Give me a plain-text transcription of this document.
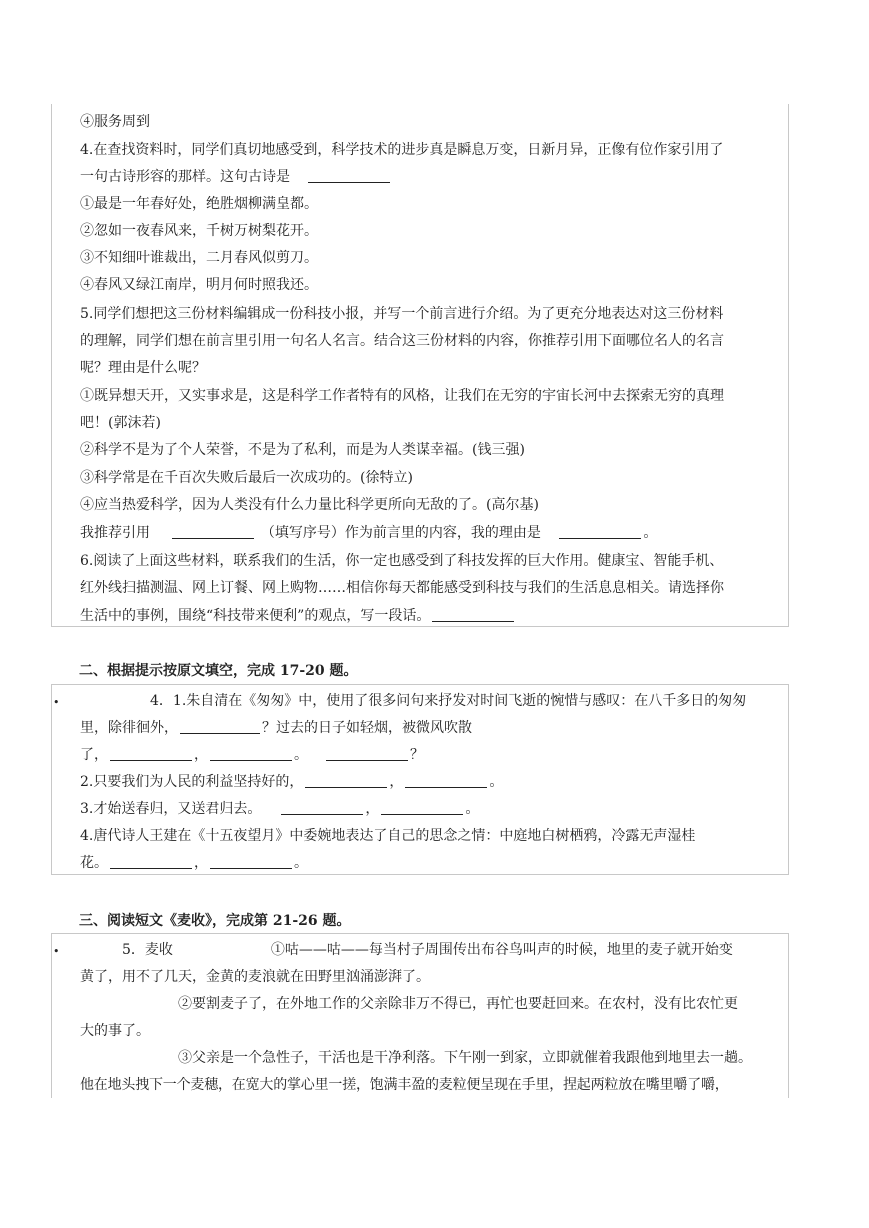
④服务周到
4.在查找资料时，同学们真切地感受到，科学技术的进步真是瞬息万变，日新月异，正像有位作家引用了
一句古诗形容的那样。这句古诗是
①最是一年春好处，绝胜烟柳满皇都。
②忽如一夜春风来，千树万树梨花开。
③不知细叶谁裁出，二月春风似剪刀。
④春风又绿江南岸，明月何时照我还。
5.同学们想把这三份材料编辑成一份科技小报，并写一个前言进行介绍。为了更充分地表达对这三份材料
的理解，同学们想在前言里引用一句名人名言。结合这三份材料的内容，你推荐引用下面哪位名人的名言
呢？理由是什么呢？
①既异想天开，又实事求是，这是科学工作者特有的风格，让我们在无穷的宇宙长河中去探索无穷的真理
吧！(郭沫若)
②科学不是为了个人荣誉，不是为了私利，而是为人类谋幸福。(钱三强)
③科学常是在千百次失败后最后一次成功的。(徐特立)
④应当热爱科学，因为人类没有什么力量比科学更所向无敌的了。(高尔基)
我推荐引用	（填写序号）作为前言里的内容，我的理由是	。
6.阅读了上面这些材料，联系我们的生活，你一定也感受到了科技发挥的巨大作用。健康宝、智能手机、
红外线扫描测温、网上订餐、网上购物……相信你每天都能感受到科技与我们的生活息息相关。请选择你
生活中的事例，围绕“科技带来便利”的观点，写一段话。
二、根据提示按原文填空，完成 17-20 题。
•	4．1.朱自清在《匆匆》中，使用了很多问句来抒发对时间飞逝的惋惜与感叹：在八千多日的匆匆
里，除徘徊外，	？过去的日子如轻烟，被微风吹散
了，	，	。	？
2.只要我们为人民的利益坚持好的，	，	。
3.才始送春归，又送君归去。	，	。
4.唐代诗人王建在《十五夜望月》中委婉地表达了自己的思念之情：中庭地白树栖鸦，冷露无声湿桂
花。	，	。
三、阅读短文《麦收》，完成第 21-26 题。
•	5．麦收	①咕——咕——每当村子周围传出布谷鸟叫声的时候，地里的麦子就开始变
黄了，用不了几天，金黄的麦浪就在田野里汹涌澎湃了。
②要割麦子了，在外地工作的父亲除非万不得已，再忙也要赶回来。在农村，没有比农忙更
大的事了。
③父亲是一个急性子，干活也是干净利落。下午刚一到家，立即就催着我跟他到地里去一趟。
他在地头拽下一个麦穗，在宽大的掌心里一搓，饱满丰盈的麦粒便呈现在手里，捏起两粒放在嘴里嚼了嚼，
